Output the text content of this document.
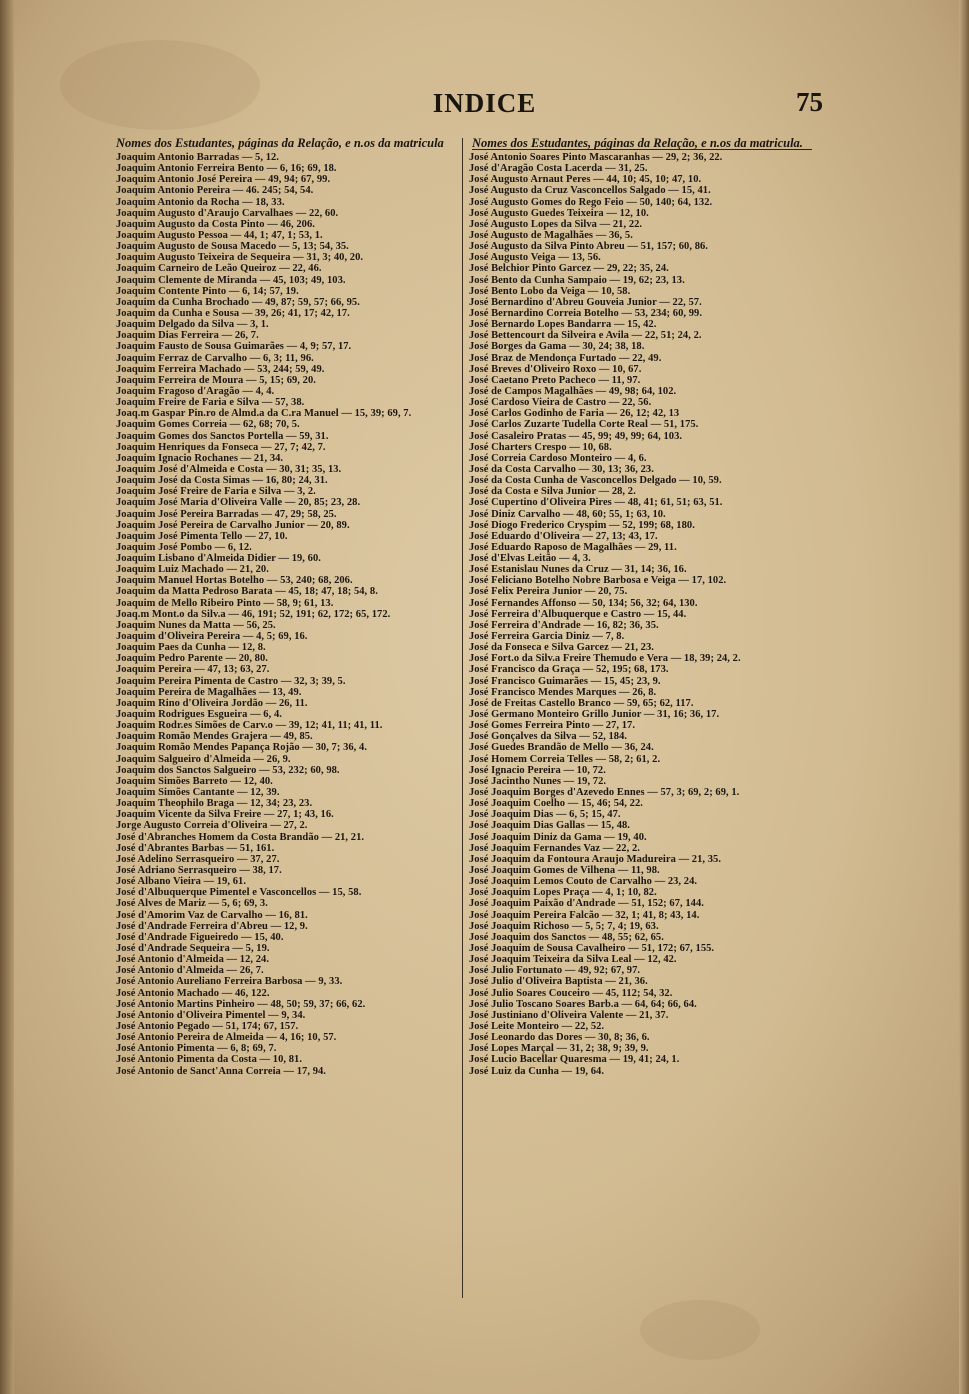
INDICE	75
Nomes dos Estudantes, páginas da Relação, e n.os da matricula	Nomes dos Estudantes, páginas da Relação, e n.os da matricula.
Joaquim Antonio Barradas — 5, 12.
Joaquim Antonio Ferreira Bento — 6, 16; 69, 18.
Joaquim Antonio José Pereira — 49, 94; 67, 99.
Joaquim Antonio Pereira — 46. 245; 54, 54.
Joaquim Antonio da Rocha — 18, 33.
Joaquim Augusto d'Araujo Carvalhaes — 22, 60.
Joaquim Augusto da Costa Pinto — 46, 206.
Joaquim Augusto Pessoa — 44, 1; 47, 1; 53, 1.
Joaquim Augusto de Sousa Macedo — 5, 13; 54, 35.
Joaquim Augusto Teixeira de Sequeira — 31, 3; 40, 20.
Joaquim Carneiro de Leão Queiroz — 22, 46.
Joaquim Clemente de Miranda — 45, 103; 49, 103.
Joaquim Contente Pinto — 6, 14; 57, 19.
Joaquim da Cunha Brochado — 49, 87; 59, 57; 66, 95.
Joaquim da Cunha e Sousa — 39, 26; 41, 17; 42, 17.
Joaquim Delgado da Silva — 3, 1.
Joaquim Dias Ferreira — 26, 7.
Joaquim Fausto de Sousa Guimarães — 4, 9; 57, 17.
Joaquim Ferraz de Carvalho — 6, 3; 11, 96.
Joaquim Ferreira Machado — 53, 244; 59, 49.
Joaquim Ferreira de Moura — 5, 15; 69, 20.
Joaquim Fragoso d'Aragão — 4, 4.
Joaquim Freire de Faria e Silva — 57, 38.
Joaq.m Gaspar Pin.ro de Almd.a da C.ra Manuel — 15, 39; 69, 7.
Joaquim Gomes Correia — 62, 68; 70, 5.
Joaquim Gomes dos Sanctos Portella — 59, 31.
Joaquim Henriques da Fonseca — 27, 7; 42, 7.
Joaquim Ignacio Rochanes — 21, 34.
Joaquim José d'Almeida e Costa — 30, 31; 35, 13.
Joaquim José da Costa Simas — 16, 80; 24, 31.
Joaquim José Freire de Faria e Silva — 3, 2.
Joaquim José Maria d'Oliveira Valle — 20, 85; 23, 28.
Joaquim José Pereira Barradas — 47, 29; 58, 25.
Joaquim José Pereira de Carvalho Junior — 20, 89.
Joaquim José Pimenta Tello — 27, 10.
Joaquim José Pombo — 6, 12.
Joaquim Lisbano d'Almeida Didier — 19, 60.
Joaquim Luiz Machado — 21, 20.
Joaquim Manuel Hortas Botelho — 53, 240; 68, 206.
Joaquim da Matta Pedroso Barata — 45, 18; 47, 18; 54, 8.
Joaquim de Mello Ribeiro Pinto — 58, 9; 61, 13.
Joaq.m Mont.o da Silv.a — 46, 191; 52, 191; 62, 172; 65, 172.
Joaquim Nunes da Matta — 56, 25.
Joaquim d'Oliveira Pereira — 4, 5; 69, 16.
Joaquim Paes da Cunha — 12, 8.
Joaquim Pedro Parente — 20, 80.
Joaquim Pereira — 47, 13; 63, 27.
Joaquim Pereira Pimenta de Castro — 32, 3; 39, 5.
Joaquim Pereira de Magalhães — 13, 49.
Joaquim Rino d'Oliveira Jordão — 26, 11.
Joaquim Rodrigues Esgueira — 6, 4.
Joaquim Rodr.es Simões de Carv.o — 39, 12; 41, 11; 41, 11.
Joaquim Romão Mendes Grajera — 49, 85.
Joaquim Romão Mendes Papança Rojão — 30, 7; 36, 4.
Joaquim Salgueiro d'Almeida — 26, 9.
Joaquim dos Sanctos Salgueiro — 53, 232; 60, 98.
Joaquim Simões Barreto — 12, 40.
Joaquim Simões Cantante — 12, 39.
Joaquim Theophilo Braga — 12, 34; 23, 23.
Joaquim Vicente da Silva Freire — 27, 1; 43, 16.
Jorge Augusto Correia d'Oliveira — 27, 2.
José d'Abranches Homem da Costa Brandão — 21, 21.
José d'Abrantes Barbas — 51, 161.
José Adelino Serrasqueiro — 37, 27.
José Adriano Serrasqueiro — 38, 17.
José Albano Vieira — 19, 61.
José d'Albuquerque Pimentel e Vasconcellos — 15, 58.
José Alves de Mariz — 5, 6; 69, 3.
José d'Amorim Vaz de Carvalho — 16, 81.
José d'Andrade Ferreira d'Abreu — 12, 9.
José d'Andrade Figueiredo — 15, 40.
José d'Andrade Sequeira — 5, 19.
José Antonio d'Almeida — 12, 24.
José Antonio d'Almeida — 26, 7.
José Antonio Aureliano Ferreira Barbosa — 9, 33.
José Antonio Machado — 46, 122.
José Antonio Martins Pinheiro — 48, 50; 59, 37; 66, 62.
José Antonio d'Oliveira Pimentel — 9, 34.
José Antonio Pegado — 51, 174; 67, 157.
José Antonio Pereira de Almeida — 4, 16; 10, 57.
José Antonio Pimenta — 6, 8; 69, 7.
José Antonio Pimenta da Costa — 10, 81.
José Antonio de Sanct'Anna Correia — 17, 94.
José Antonio Soares Pinto Mascaranhas — 29, 2; 36, 22.
José d'Aragão Costa Lacerda — 31, 25.
José Augusto Arnaut Peres — 44, 10; 45, 10; 47, 10.
José Augusto da Cruz Vasconcellos Salgado — 15, 41.
José Augusto Gomes do Rego Feio — 50, 140; 64, 132.
José Augusto Guedes Teixeira — 12, 10.
José Augusto Lopes da Silva — 21, 22.
José Augusto de Magalhães — 36, 5.
José Augusto da Silva Pinto Abreu — 51, 157; 60, 86.
José Augusto Veiga — 13, 56.
José Belchior Pinto Garcez — 29, 22; 35, 24.
José Bento da Cunha Sampaio — 19, 62; 23, 13.
José Bento Lobo da Veiga — 10, 58.
José Bernardino d'Abreu Gouveia Junior — 22, 57.
José Bernardino Correia Botelho — 53, 234; 60, 99.
José Bernardo Lopes Bandarra — 15, 42.
José Bettencourt da Silveira e Avila — 22, 51; 24, 2.
José Borges da Gama — 30, 24; 38, 18.
José Braz de Mendonça Furtado — 22, 49.
José Breves d'Oliveiro Roxo — 10, 67.
José Caetano Preto Pacheco — 11, 97.
José de Campos Magalhães — 49, 98; 64, 102.
José Cardoso Vieira de Castro — 22, 56.
José Carlos Godinho de Faria — 26, 12; 42, 13
José Carlos Zuzarte Tudella Corte Real — 51, 175.
José Casaleiro Pratas — 45, 99; 49, 99; 64, 103.
José Charters Crespo — 10, 68.
José Correia Cardoso Monteiro — 4, 6.
José da Costa Carvalho — 30, 13; 36, 23.
José da Costa Cunha de Vasconcellos Delgado — 10, 59.
José da Costa e Silva Junior — 28, 2.
José Cupertino d'Oliveira Pires — 48, 41; 61, 51; 63, 51.
José Diniz Carvalho — 48, 60; 55, 1; 63, 10.
José Diogo Frederico Cryspim — 52, 199; 68, 180.
José Eduardo d'Oliveira — 27, 13; 43, 17.
José Eduardo Raposo de Magalhães — 29, 11.
José d'Elvas Leitão — 4, 3.
José Estanislau Nunes da Cruz — 31, 14; 36, 16.
José Feliciano Botelho Nobre Barbosa e Veiga — 17, 102.
José Felix Pereira Junior — 20, 75.
José Fernandes Affonso — 50, 134; 56, 32; 64, 130.
José Ferreira d'Albuquerque e Castro — 15, 44.
José Ferreira d'Andrade — 16, 82; 36, 35.
José Ferreira Garcia Diniz — 7, 8.
José da Fonseca e Silva Garcez — 21, 23.
José Fort.o da Silv.a Freire Themudo e Vera — 18, 39; 24, 2.
José Francisco da Graça — 52, 195; 68, 173.
José Francisco Guimarães — 15, 45; 23, 9.
José Francisco Mendes Marques — 26, 8.
José de Freitas Castello Branco — 59, 65; 62, 117.
José Germano Monteiro Grillo Junior — 31, 16; 36, 17.
José Gomes Ferreira Pinto — 27, 17.
José Gonçalves da Silva — 52, 184.
José Guedes Brandão de Mello — 36, 24.
José Homem Correia Telles — 58, 2; 61, 2.
José Ignacio Pereira — 10, 72.
José Jacintho Nunes — 19, 72.
José Joaquim Borges d'Azevedo Ennes — 57, 3; 69, 2; 69, 1.
José Joaquim Coelho — 15, 46; 54, 22.
José Joaquim Dias — 6, 5; 15, 47.
José Joaquim Dias Gallas — 15, 48.
José Joaquim Diniz da Gama — 19, 40.
José Joaquim Fernandes Vaz — 22, 2.
José Joaquim da Fontoura Araujo Madureira — 21, 35.
José Joaquim Gomes de Vilhena — 11, 98.
José Joaquim Lemos Couto de Carvalho — 23, 24.
José Joaquim Lopes Praça — 4, 1; 10, 82.
José Joaquim Paixão d'Andrade — 51, 152; 67, 144.
José Joaquim Pereira Falcão — 32, 1; 41, 8; 43, 14.
José Joaquim Richoso — 5, 5; 7, 4; 19, 63.
José Joaquim dos Sanctos — 48, 55; 62, 65.
José Joaquim de Sousa Cavalheiro — 51, 172; 67, 155.
José Joaquim Teixeira da Silva Leal — 12, 42.
José Julio Fortunato — 49, 92; 67, 97.
José Julio d'Oliveira Baptista — 21, 36.
José Julio Soares Couceiro — 45, 112; 54, 32.
José Julio Toscano Soares Barb.a — 64, 64; 66, 64.
José Justiniano d'Oliveira Valente — 21, 37.
José Leite Monteiro — 22, 52.
José Leonardo das Dores — 30, 8; 36, 6.
José Lopes Marçal — 31, 2; 38, 9; 39, 9.
José Lucio Bacellar Quaresma — 19, 41; 24, 1.
José Luiz da Cunha — 19, 64.
